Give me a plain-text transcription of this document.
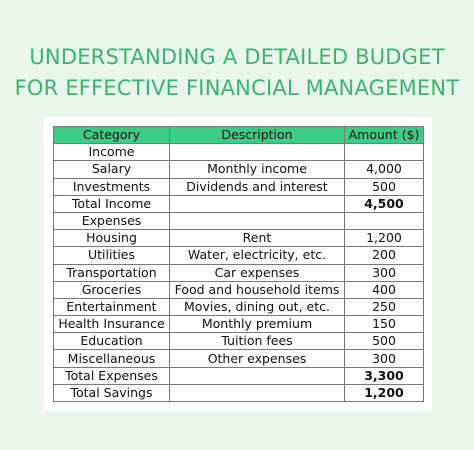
UNDERSTANDING A DETAILED BUDGET
FOR EFFECTIVE FINANCIAL MANAGEMENT
Category	Description	Amount ($)
Income		
Salary	Monthly income	4,000
Investments	Dividends and interest	500
Total Income		4,500
Expenses		
Housing	Rent	1,200
Utilities	Water, electricity, etc.	200
Transportation	Car expenses	300
Groceries	Food and household items	400
Entertainment	Movies, dining out, etc.	250
Health Insurance	Monthly premium	150
Education	Tuition fees	500
Miscellaneous	Other expenses	300
Total Expenses		3,300
Total Savings		1,200
